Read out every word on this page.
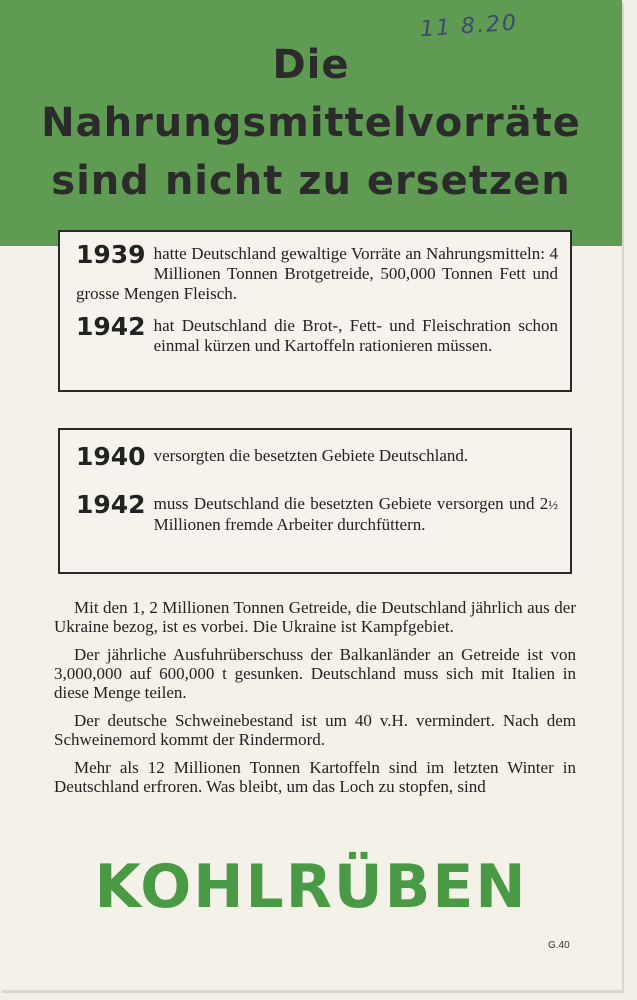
11 8.20
Die
Nahrungsmittelvorräte
sind nicht zu ersetzen
1939 hatte Deutschland gewaltige Vorräte an Nahrungsmitteln: 4 Millionen Tonnen Brotgetreide, 500,000 Tonnen Fett und grosse Mengen Fleisch.
1942 hat Deutschland die Brot-, Fett- und Fleischration schon einmal kürzen und Kartoffeln rationieren müssen.
1940 versorgten die besetzten Gebiete Deutschland.
1942 muss Deutschland die besetzten Gebiete versorgen und 2½ Millionen fremde Arbeiter durchfüttern.

Mit den 1, 2 Millionen Tonnen Getreide, die Deutschland jährlich aus der Ukraine bezog, ist es vorbei. Die Ukraine ist Kampfgebiet.

Der jährliche Ausfuhrüberschuss der Balkanländer an Getreide ist von 3,000,000 auf 600,000 t gesunken. Deutschland muss sich mit Italien in diese Menge teilen.

Der deutsche Schweinebestand ist um 40 v.H. vermindert. Nach dem Schweinemord kommt der Rindermord.

Mehr als 12 Millionen Tonnen Kartoffeln sind im letzten Winter in Deutschland erfroren. Was bleibt, um das Loch zu stopfen, sind

KOHLRÜBEN
G.40
